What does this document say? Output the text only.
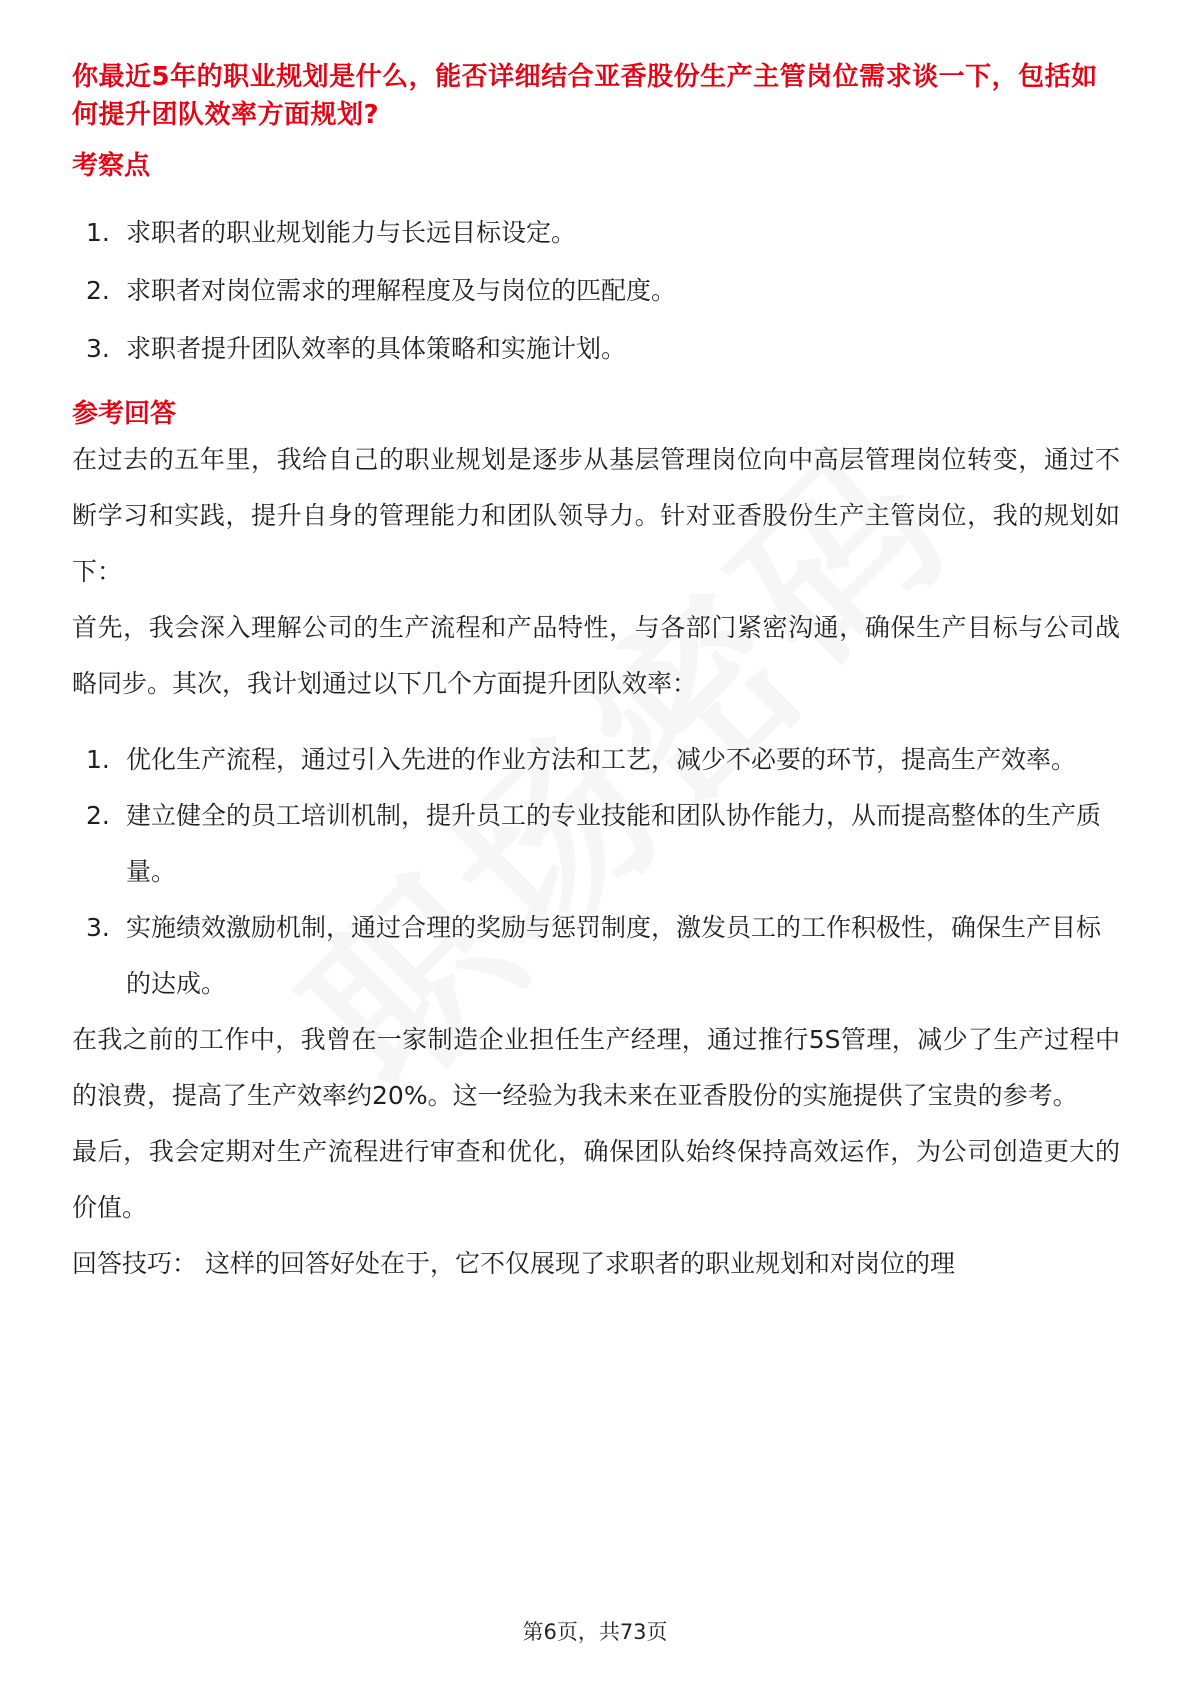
你最近5年的职业规划是什么，能否详细结合亚香股份生产主管岗位需求谈一下，包括如何提升团队效率方面规划?
考察点
1. 求职者的职业规划能力与长远目标设定。
2. 求职者对岗位需求的理解程度及与岗位的匹配度。
3. 求职者提升团队效率的具体策略和实施计划。
参考回答

在过去的五年里，我给自己的职业规划是逐步从基层管理岗位向中高层管理岗位转变，通过不断学习和实践，提升自身的管理能力和团队领导力。针对亚香股份生产主管岗位，我的规划如下：

首先，我会深入理解公司的生产流程和产品特性，与各部门紧密沟通，确保生产目标与公司战略同步。其次，我计划通过以下几个方面提升团队效率：

1. 优化生产流程，通过引入先进的作业方法和工艺，减少不必要的环节，提高生产效率。
2. 建立健全的员工培训机制，提升员工的专业技能和团队协作能力，从而提高整体的生产质量。
3. 实施绩效激励机制，通过合理的奖励与惩罚制度，激发员工的工作积极性，确保生产目标的达成。

在我之前的工作中，我曾在一家制造企业担任生产经理，通过推行5S管理，减少了生产过程中的浪费，提高了生产效率约20%。这一经验为我未来在亚香股份的实施提供了宝贵的参考。

最后，我会定期对生产流程进行审查和优化，确保团队始终保持高效运作，为公司创造更大的价值。

回答技巧： 这样的回答好处在于，它不仅展现了求职者的职业规划和对岗位的理

第6页，共73页
